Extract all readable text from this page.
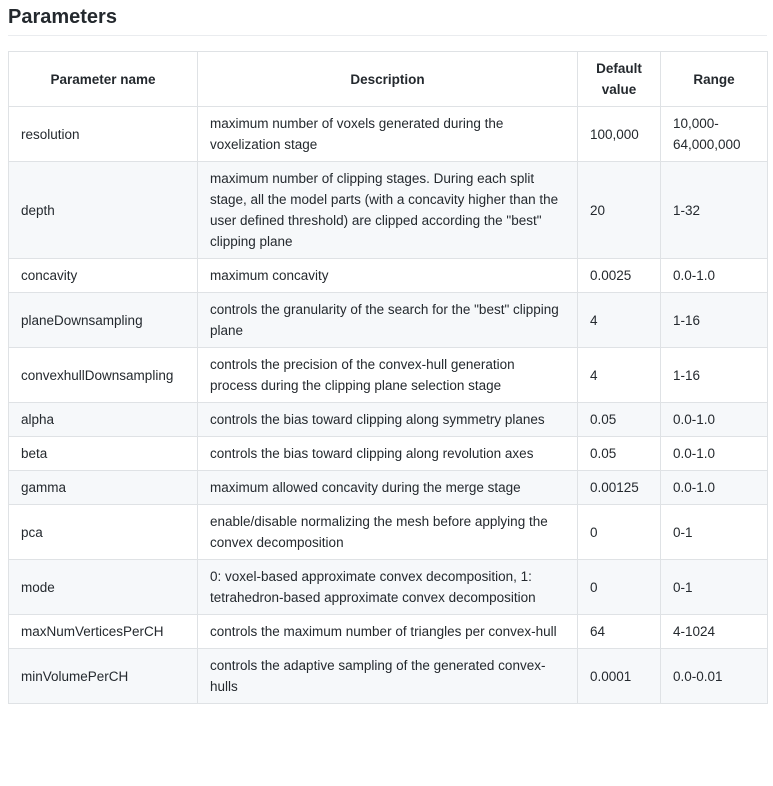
Parameters
Parameter name	Description	Default value	Range
resolution	maximum number of voxels generated during the voxelization stage	100,000	10,000-64,000,000
depth	maximum number of clipping stages. During each split stage, all the model parts (with a concavity higher than the user defined threshold) are clipped according the "best" clipping plane	20	1-32
concavity	maximum concavity	0.0025	0.0-1.0
planeDownsampling	controls the granularity of the search for the "best" clipping plane	4	1-16
convexhullDownsampling	controls the precision of the convex-hull generation process during the clipping plane selection stage	4	1-16
alpha	controls the bias toward clipping along symmetry planes	0.05	0.0-1.0
beta	controls the bias toward clipping along revolution axes	0.05	0.0-1.0
gamma	maximum allowed concavity during the merge stage	0.00125	0.0-1.0
pca	enable/disable normalizing the mesh before applying the convex decomposition	0	0-1
mode	0: voxel-based approximate convex decomposition, 1: tetrahedron-based approximate convex decomposition	0	0-1
maxNumVerticesPerCH	controls the maximum number of triangles per convex-hull	64	4-1024
minVolumePerCH	controls the adaptive sampling of the generated convex-hulls	0.0001	0.0-0.01
